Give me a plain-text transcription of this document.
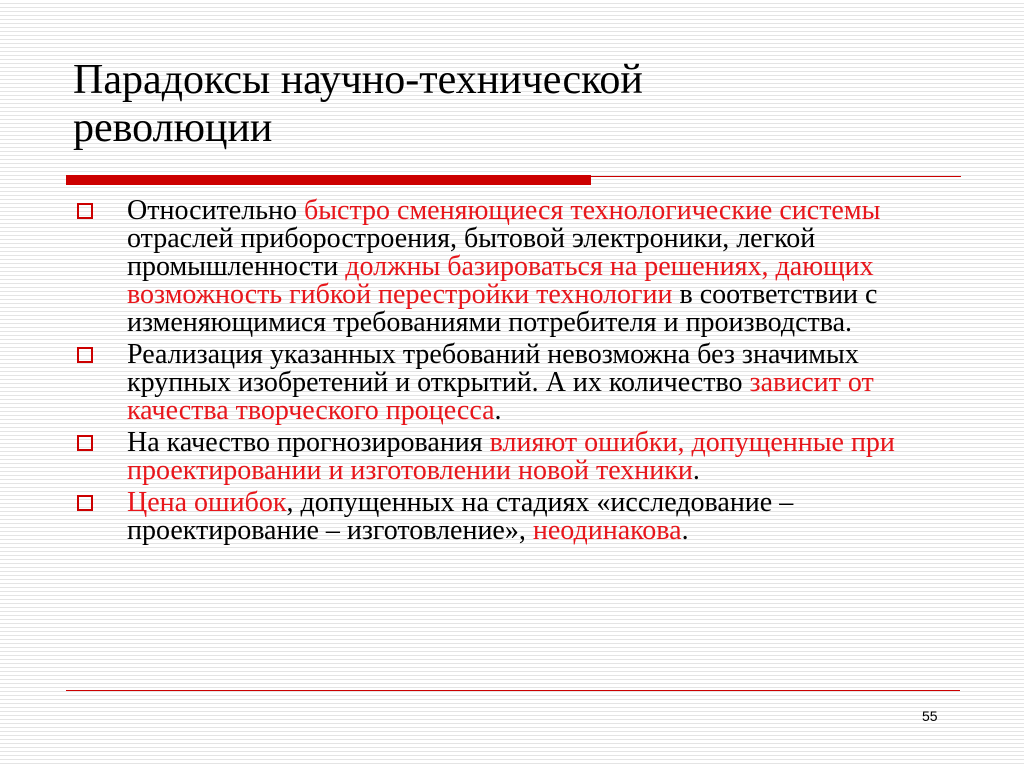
Парадоксы научно-технической
революции
Относительно быстро сменяющиеся технологические системы отраслей приборостроения, бытовой электроники, легкой промышленности должны базироваться на решениях, дающих возможность гибкой перестройки технологии в соответствии с изменяющимися требованиями потребителя и производства.
Реализация указанных требований невозможна без значимых крупных изобретений и открытий. А их количество зависит от качества творческого процесса.
На качество прогнозирования влияют ошибки, допущенные при проектировании и изготовлении новой техники.
Цена ошибок, допущенных на стадиях «исследование – проектирование – изготовление», неодинакова.
55
